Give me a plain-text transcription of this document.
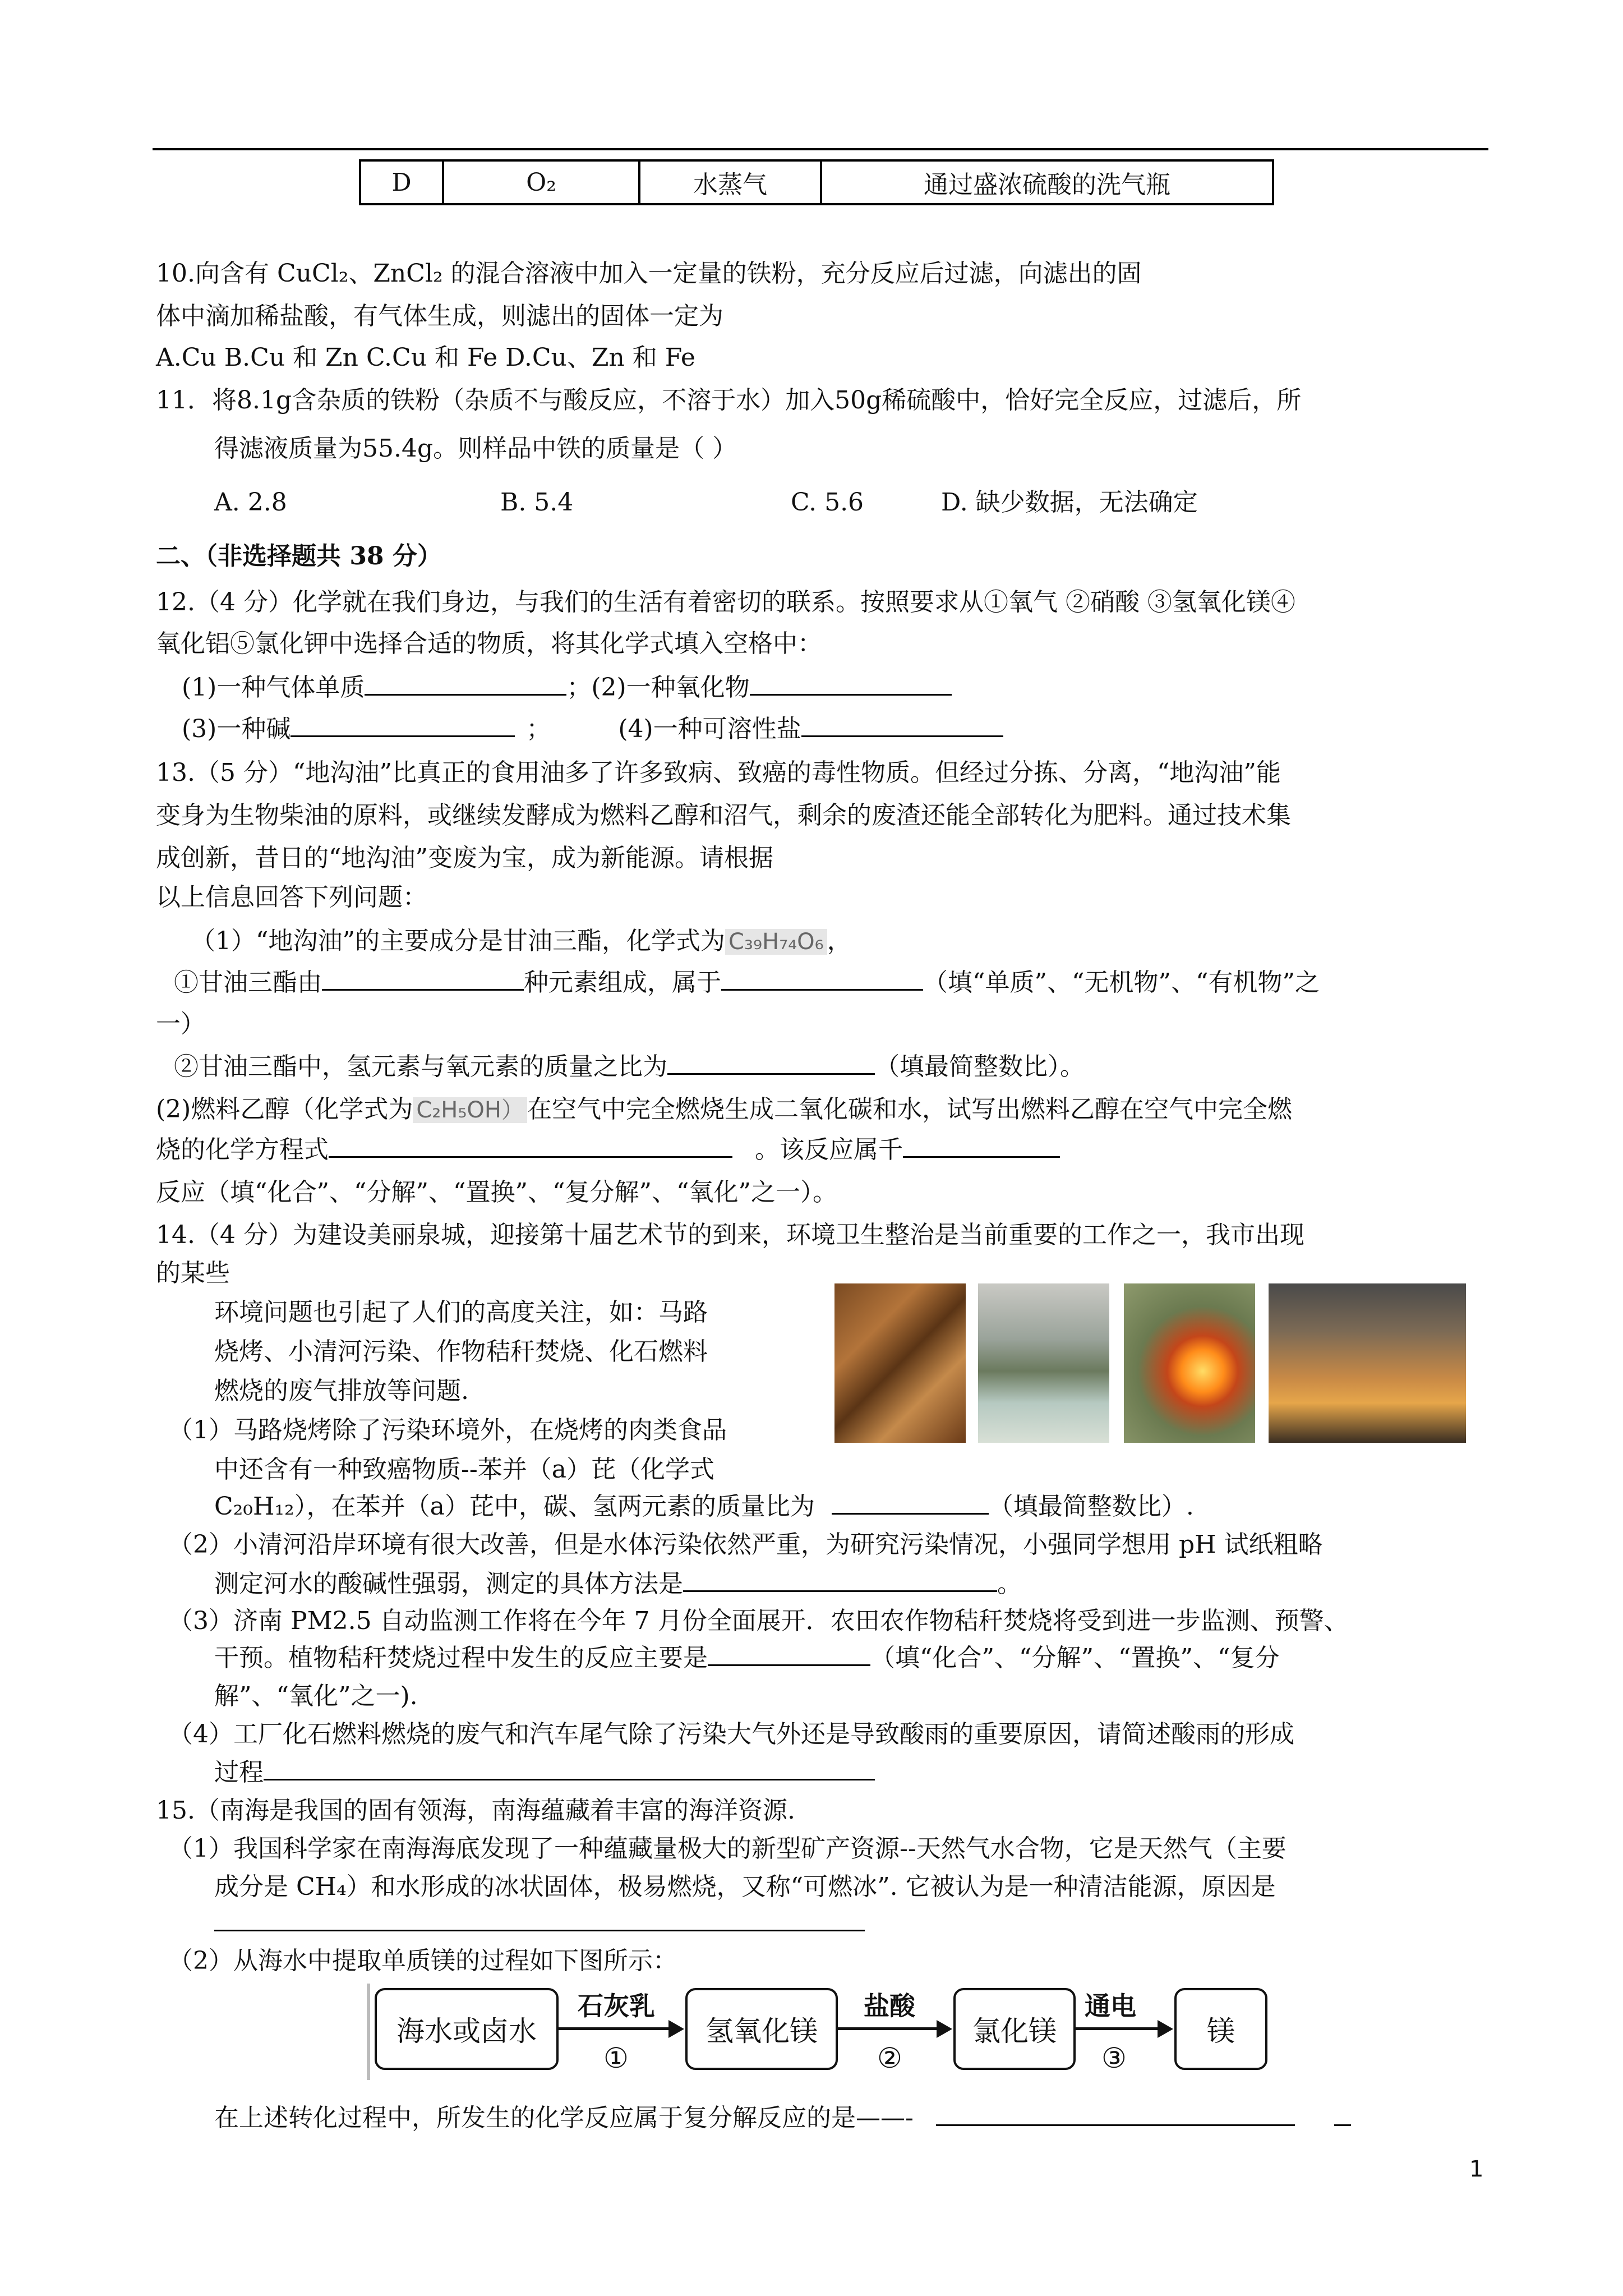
D	O₂	水蒸气	通过盛浓硫酸的洗气瓶
10.向含有 CuCl₂、ZnCl₂ 的混合溶液中加入一定量的铁粉，充分反应后过滤，向滤出的固
体中滴加稀盐酸，有气体生成，则滤出的固体一定为
A.Cu B.Cu 和 Zn C.Cu 和 Fe D.Cu、Zn 和 Fe
11．将8.1g含杂质的铁粉（杂质不与酸反应，不溶于水）加入50g稀硫酸中，恰好完全反应，过滤后，所
得滤液质量为55.4g。则样品中铁的质量是（ ）
A. 2.8	B. 5.4	C. 5.6	D. 缺少数据，无法确定
二、（非选择题共 38 分）
12.（4 分）化学就在我们身边，与我们的生活有着密切的联系。按照要求从①氧气 ②硝酸 ③氢氧化镁④
氧化铝⑤氯化钾中选择合适的物质，将其化学式填入空格中：
(1)一种气体单质	；(2)一种氧化物
(3)一种碱	；	(4)一种可溶性盐
13.（5 分）“地沟油”比真正的食用油多了许多致病、致癌的毒性物质。但经过分拣、分离，“地沟油”能
变身为生物柴油的原料，或继续发酵成为燃料乙醇和沼气，剩余的废渣还能全部转化为肥料。通过技术集
成创新，昔日的“地沟油”变废为宝，成为新能源。请根据
以上信息回答下列问题：
（1）“地沟油”的主要成分是甘油三酯，化学式为 C₃₉H₇₄O₆ ，
①甘油三酯由	种元素组成，属于	（填“单质”、“无机物”、“有机物”之
一）
②甘油三酯中，氢元素与氧元素的质量之比为	（填最简整数比）。
(2)燃料乙醇（化学式为 C₂H₅OH） 在空气中完全燃烧生成二氧化碳和水，试写出燃料乙醇在空气中完全燃
烧的化学方程式	。该反应属千
反应（填“化合”、“分解”、“置换”、“复分解”、“氧化”之一）。
14.（4 分）为建设美丽泉城，迎接第十届艺术节的到来，环境卫生整治是当前重要的工作之一，我市出现
的某些
环境问题也引起了人们的高度关注，如：马路
烧烤、小清河污染、作物秸秆焚烧、化石燃料
燃烧的废气排放等问题.
（1）马路烧烤除了污染环境外，在烧烤的肉类食品
中还含有一种致癌物质--苯并（a）芘（化学式
C₂₀H₁₂），在苯并（a）芘中，碳、氢两元素的质量比为	（填最简整数比）.
（2）小清河沿岸环境有很大改善，但是水体污染依然严重，为研究污染情况，小强同学想用 pH 试纸粗略
测定河水的酸碱性强弱，测定的具体方法是	。
（3）济南 PM2.5 自动监测工作将在今年 7 月份全面展开．农田农作物秸秆焚烧将受到进一步监测、预警、
干预。植物秸秆焚烧过程中发生的反应主要是	（填“化合”、“分解”、“置换”、“复分
解”、“氧化”之一).
（4）工厂化石燃料燃烧的废气和汽车尾气除了污染大气外还是导致酸雨的重要原因，请简述酸雨的形成
过程
15.（南海是我国的固有领海，南海蕴藏着丰富的海洋资源.
（1）我国科学家在南海海底发现了一种蕴藏量极大的新型矿产资源--天然气水合物，它是天然气（主要
成分是 CH₄）和水形成的冰状固体，极易燃烧，又称“可燃冰”. 它被认为是一种清洁能源，原因是
（2）从海水中提取单质镁的过程如下图所示：
海水或卤水
石灰乳
①
氢氧化镁
盐酸
②
氯化镁
通电
③
镁
在上述转化过程中，所发生的化学反应属于复分解反应的是——-
1
